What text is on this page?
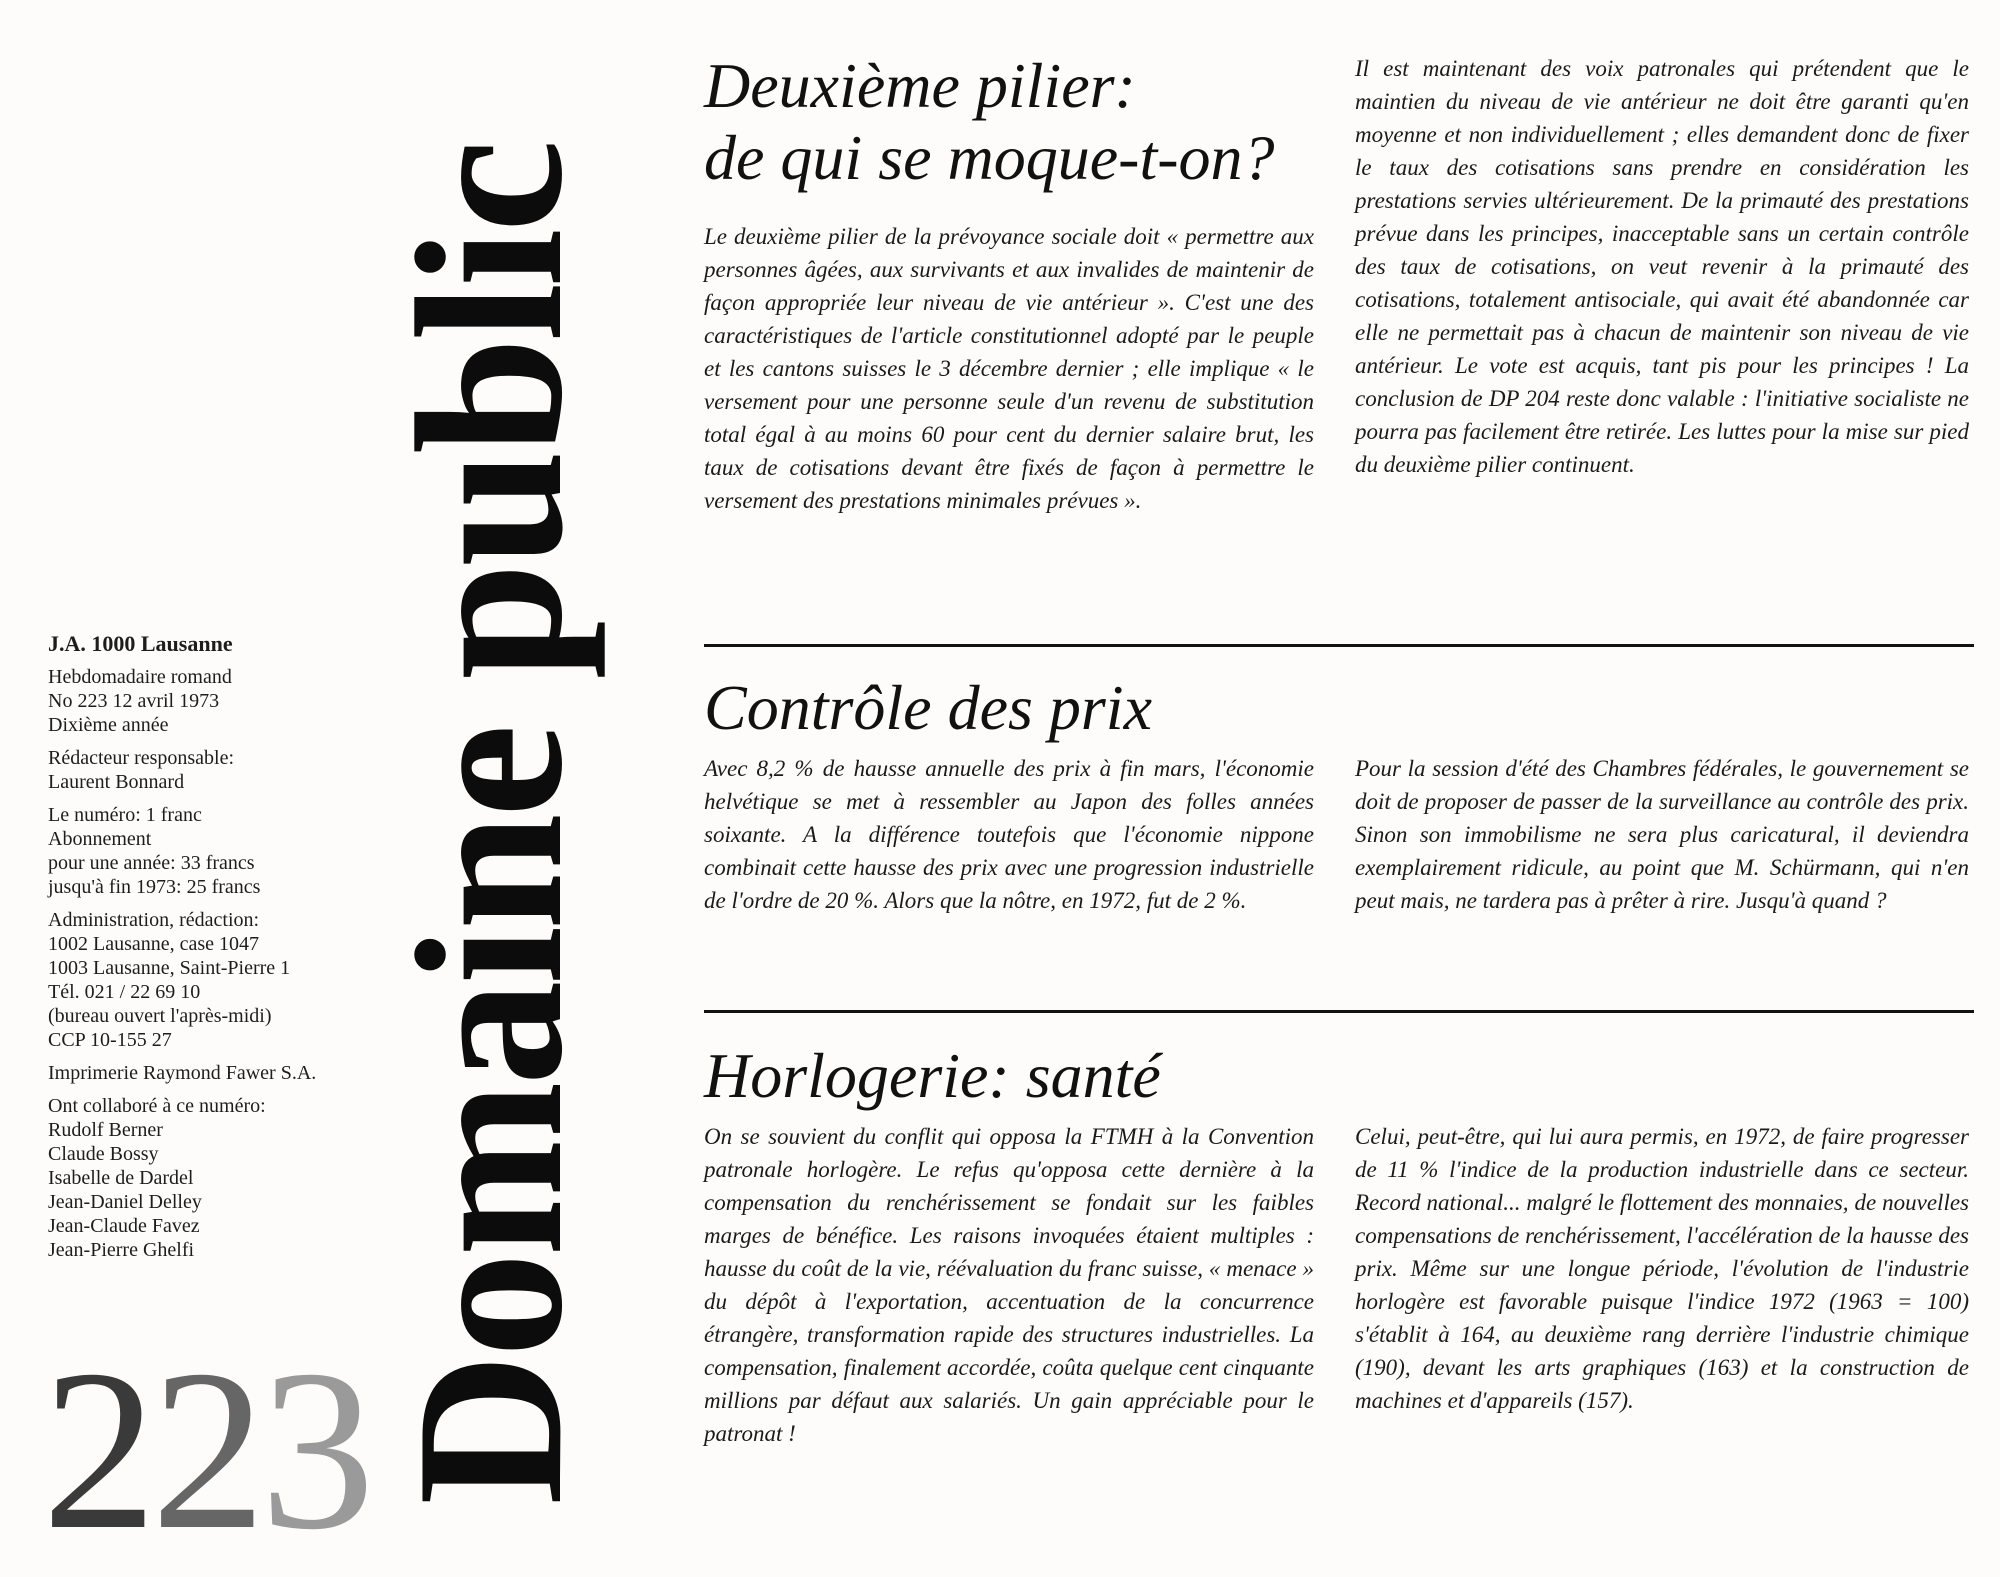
Domaine public
J.A. 1000 Lausanne
Hebdomadaire romand
No 223 12 avril 1973
Dixième année
Rédacteur responsable:
Laurent Bonnard
Le numéro: 1 franc
Abonnement
pour une année: 33 francs
jusqu'à fin 1973: 25 francs
Administration, rédaction:
1002 Lausanne, case 1047
1003 Lausanne, Saint-Pierre 1
Tél. 021 / 22 69 10
(bureau ouvert l'après-midi)
CCP 10-155 27
Imprimerie Raymond Fawer S.A.
Ont collaboré à ce numéro:
Rudolf Berner
Claude Bossy
Isabelle de Dardel
Jean-Daniel Delley
Jean-Claude Favez
Jean-Pierre Ghelfi
223
Deuxième pilier:
de qui se moque-t-on?

Le deuxième pilier de la prévoyance sociale doit « permettre aux personnes âgées, aux survivants et aux invalides de maintenir de façon appropriée leur niveau de vie antérieur ». C'est une des caractéristiques de l'article constitutionnel adopté par le peuple et les cantons suisses le 3 décembre dernier ; elle implique « le versement pour une personne seule d'un revenu de substitution total égal à au moins 60 pour cent du dernier salaire brut, les taux de cotisations devant être fixés de façon à permettre le versement des prestations minimales prévues ».

Il est maintenant des voix patronales qui prétendent que le maintien du niveau de vie antérieur ne doit être garanti qu'en moyenne et non individuellement ; elles demandent donc de fixer le taux des cotisations sans prendre en considération les prestations servies ultérieurement. De la primauté des prestations prévue dans les principes, inacceptable sans un certain contrôle des taux de cotisations, on veut revenir à la primauté des cotisations, totalement antisociale, qui avait été abandonnée car elle ne permettait pas à chacun de maintenir son niveau de vie antérieur. Le vote est acquis, tant pis pour les principes ! La conclusion de DP 204 reste donc valable : l'initiative socialiste ne pourra pas facilement être retirée. Les luttes pour la mise sur pied du deuxième pilier continuent.

Contrôle des prix

Avec 8,2 % de hausse annuelle des prix à fin mars, l'économie helvétique se met à ressembler au Japon des folles années soixante. A la différence toutefois que l'économie nippone combinait cette hausse des prix avec une progression industrielle de l'ordre de 20 %. Alors que la nôtre, en 1972, fut de 2 %.

Pour la session d'été des Chambres fédérales, le gouvernement se doit de proposer de passer de la surveillance au contrôle des prix. Sinon son immobilisme ne sera plus caricatural, il deviendra exemplairement ridicule, au point que M. Schürmann, qui n'en peut mais, ne tardera pas à prêter à rire. Jusqu'à quand ?

Horlogerie: santé

On se souvient du conflit qui opposa la FTMH à la Convention patronale horlogère. Le refus qu'opposa cette dernière à la compensation du renchérissement se fondait sur les faibles marges de bénéfice. Les raisons invoquées étaient multiples : hausse du coût de la vie, réévaluation du franc suisse, « menace » du dépôt à l'exportation, accentuation de la concurrence étrangère, transformation rapide des structures industrielles. La compensation, finalement accordée, coûta quelque cent cinquante millions par défaut aux salariés. Un gain appréciable pour le patronat !

Celui, peut-être, qui lui aura permis, en 1972, de faire progresser de 11 % l'indice de la production industrielle dans ce secteur. Record national... malgré le flottement des monnaies, de nouvelles compensations de renchérissement, l'accélération de la hausse des prix. Même sur une longue période, l'évolution de l'industrie horlogère est favorable puisque l'indice 1972 (1963 = 100) s'établit à 164, au deuxième rang derrière l'industrie chimique (190), devant les arts graphiques (163) et la construction de machines et d'appareils (157).
